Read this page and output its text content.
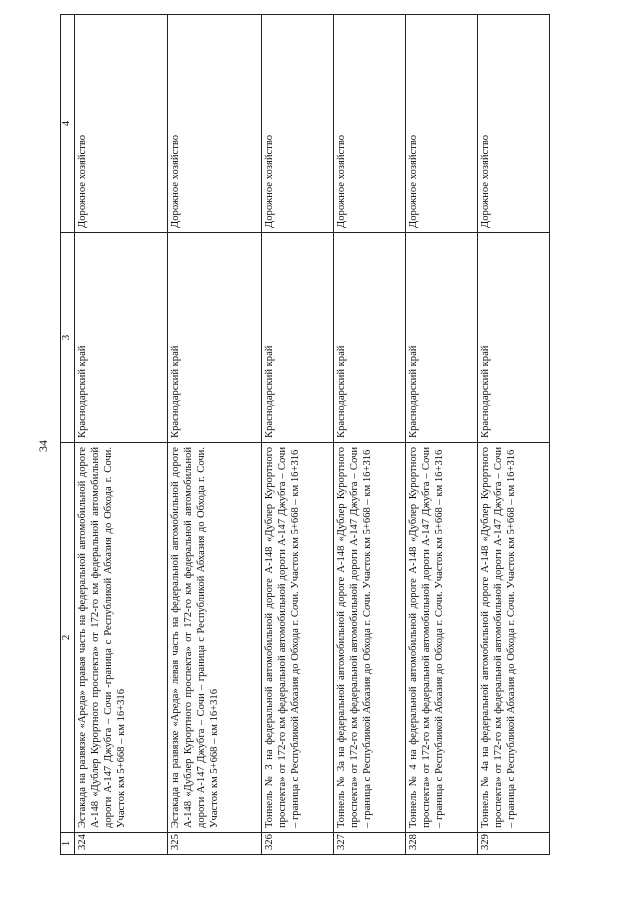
34
1	2	3	4
324	Эстакада на развязке «Ареда» правая часть на федеральной автомобильной дороге А-148 «Дублер Курортного проспекта» от 172-го км федеральной автомобильной дороги А-147 Джубга – Сочи -граница с Республикой Абхазия до Обхода г. Сочи. Участок км 5+668 – км 16+316	Краснодарский край	Дорожное хозяйство
325	Эстакада на развязке «Ареда» левая часть на федеральной автомобильной дороге А-148 «Дублер Курортного проспекта» от 172-го км федеральной автомобильной дороги А-147 Джубга – Сочи – граница с Республикой Абхазия до Обхода г. Сочи. Участок км 5+668 – км 16+316	Краснодарский край	Дорожное хозяйство
326	Тоннель № 3 на федеральной автомобильной дороге А-148 «Дублер Курортного проспекта» от 172-го км федеральной автомобильной дороги А-147 Джубга – Сочи – граница с Республикой Абхазия до Обхода г. Сочи. Участок км 5+668 – км 16+316	Краснодарский край	Дорожное хозяйство
327	Тоннель № 3а на федеральной автомобильной дороге А-148 «Дублер Курортного проспекта» от 172-го км федеральной автомобильной дороги А-147 Джубга – Сочи – граница с Республикой Абхазия до Обхода г. Сочи. Участок км 5+668 – км 16+316	Краснодарский край	Дорожное хозяйство
328	Тоннель № 4 на федеральной автомобильной дороге А-148 «Дублер Курортного проспекта» от 172-го км федеральной автомобильной дороги А-147 Джубга – Сочи – граница с Республикой Абхазия до Обхода г. Сочи. Участок км 5+668 – км 16+316	Краснодарский край	Дорожное хозяйство
329	Тоннель № 4а на федеральной автомобильной дороге А-148 «Дублер Курортного проспекта» от 172-го км федеральной автомобильной дороги А-147 Джубга – Сочи – граница с Республикой Абхазия до Обхода г. Сочи. Участок км 5+668 – км 16+316	Краснодарский край	Дорожное хозяйство
